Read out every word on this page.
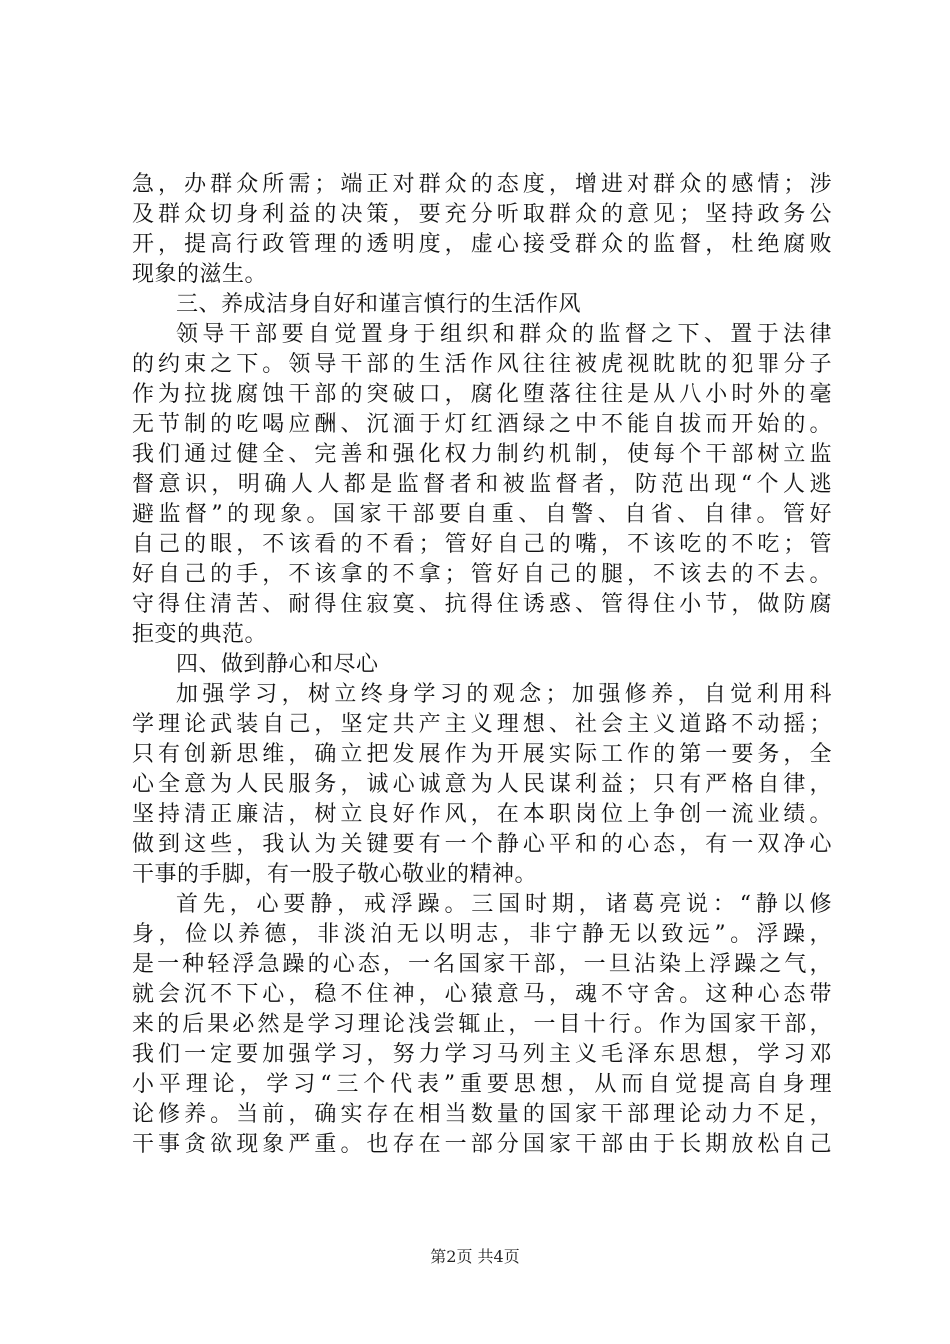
急，办群众所需；端正对群众的态度，增进对群众的感情；涉
及群众切身利益的决策，要充分听取群众的意见；坚持政务公
开，提高行政管理的透明度，虚心接受群众的监督，杜绝腐败
现象的滋生。
三、养成洁身自好和谨言慎行的生活作风
领导干部要自觉置身于组织和群众的监督之下、置于法律
的约束之下。领导干部的生活作风往往被虎视眈眈的犯罪分子
作为拉拢腐蚀干部的突破口，腐化堕落往往是从八小时外的毫
无节制的吃喝应酬、沉湎于灯红酒绿之中不能自拔而开始的。
我们通过健全、完善和强化权力制约机制，使每个干部树立监
督意识，明确人人都是监督者和被监督者，防范出现“个人逃
避监督”的现象。国家干部要自重、自警、自省、自律。管好
自己的眼，不该看的不看；管好自己的嘴，不该吃的不吃；管
好自己的手，不该拿的不拿；管好自己的腿，不该去的不去。
守得住清苦、耐得住寂寞、抗得住诱惑、管得住小节，做防腐
拒变的典范。
四、做到静心和尽心
加强学习，树立终身学习的观念；加强修养，自觉利用科
学理论武装自己，坚定共产主义理想、社会主义道路不动摇；
只有创新思维，确立把发展作为开展实际工作的第一要务，全
心全意为人民服务，诚心诚意为人民谋利益；只有严格自律，
坚持清正廉洁，树立良好作风，在本职岗位上争创一流业绩。
做到这些，我认为关键要有一个静心平和的心态，有一双净心
干事的手脚，有一股子敬心敬业的精神。
首先，心要静，戒浮躁。三国时期，诸葛亮说：“静以修
身，俭以养德，非淡泊无以明志，非宁静无以致远”。浮躁，
是一种轻浮急躁的心态，一名国家干部，一旦沾染上浮躁之气，
就会沉不下心，稳不住神，心猿意马，魂不守舍。这种心态带
来的后果必然是学习理论浅尝辄止，一目十行。作为国家干部，
我们一定要加强学习，努力学习马列主义毛泽东思想，学习邓
小平理论，学习“三个代表”重要思想，从而自觉提高自身理
论修养。当前，确实存在相当数量的国家干部理论动力不足，
干事贪欲现象严重。也存在一部分国家干部由于长期放松自己
第2页 共4页
